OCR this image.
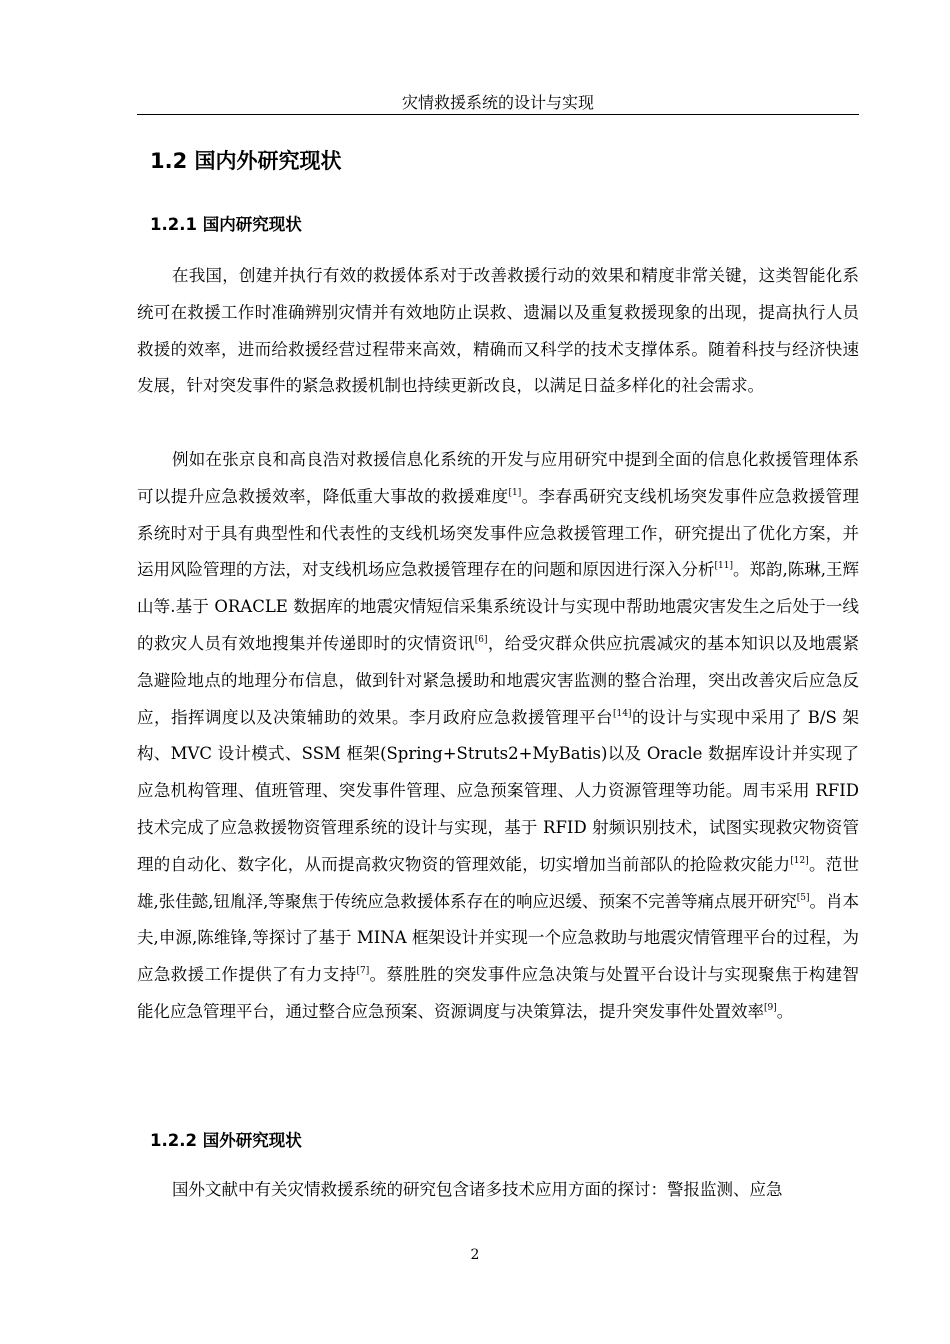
灾情救援系统的设计与实现
1.2 国内外研究现状
1.2.1 国内研究现状

在我国，创建并执行有效的救援体系对于改善救援行动的效果和精度非常关键，这类智能化系统可在救援工作时准确辨别灾情并有效地防止误救、遗漏以及重复救援现象的出现，提高执行人员救援的效率，进而给救援经营过程带来高效，精确而又科学的技术支撑体系。随着科技与经济快速发展，针对突发事件的紧急救援机制也持续更新改良，以满足日益多样化的社会需求。

例如在张京良和高良浩对救援信息化系统的开发与应用研究中提到全面的信息化救援管理体系可以提升应急救援效率，降低重大事故的救援难度[1]。李春禹研究支线机场突发事件应急救援管理系统时对于具有典型性和代表性的支线机场突发事件应急救援管理工作，研究提出了优化方案，并运用风险管理的方法，对支线机场应急救援管理存在的问题和原因进行深入分析[11]。郑韵,陈琳,王辉山等.基于 ORACLE 数据库的地震灾情短信采集系统设计与实现中帮助地震灾害发生之后处于一线的救灾人员有效地搜集并传递即时的灾情资讯[6]，给受灾群众供应抗震减灾的基本知识以及地震紧急避险地点的地理分布信息，做到针对紧急援助和地震灾害监测的整合治理，突出改善灾后应急反应，指挥调度以及决策辅助的效果。李月政府应急救援管理平台[14]的设计与实现中采用了 B/S 架构、MVC 设计模式、SSM 框架(Spring+Struts2+MyBatis)以及 Oracle 数据库设计并实现了应急机构管理、值班管理、突发事件管理、应急预案管理、人力资源管理等功能。周韦采用 RFID 技术完成了应急救援物资管理系统的设计与实现，基于 RFID 射频识别技术，试图实现救灾物资管理的自动化、数字化，从而提高救灾物资的管理效能，切实增加当前部队的抢险救灾能力[12]。范世雄,张佳懿,钮胤泽,等聚焦于传统应急救援体系存在的响应迟缓、预案不完善等痛点展开研究[5]。肖本夫,申源,陈维锋,等探讨了基于 MINA 框架设计并实现一个应急救助与地震灾情管理平台的过程，为应急救援工作提供了有力支持[7]。蔡胜胜的突发事件应急决策与处置平台设计与实现聚焦于构建智能化应急管理平台，通过整合应急预案、资源调度与决策算法，提升突发事件处置效率[9]。

1.2.2 国外研究现状

国外文献中有关灾情救援系统的研究包含诸多技术应用方面的探讨：警报监测、应急

2
